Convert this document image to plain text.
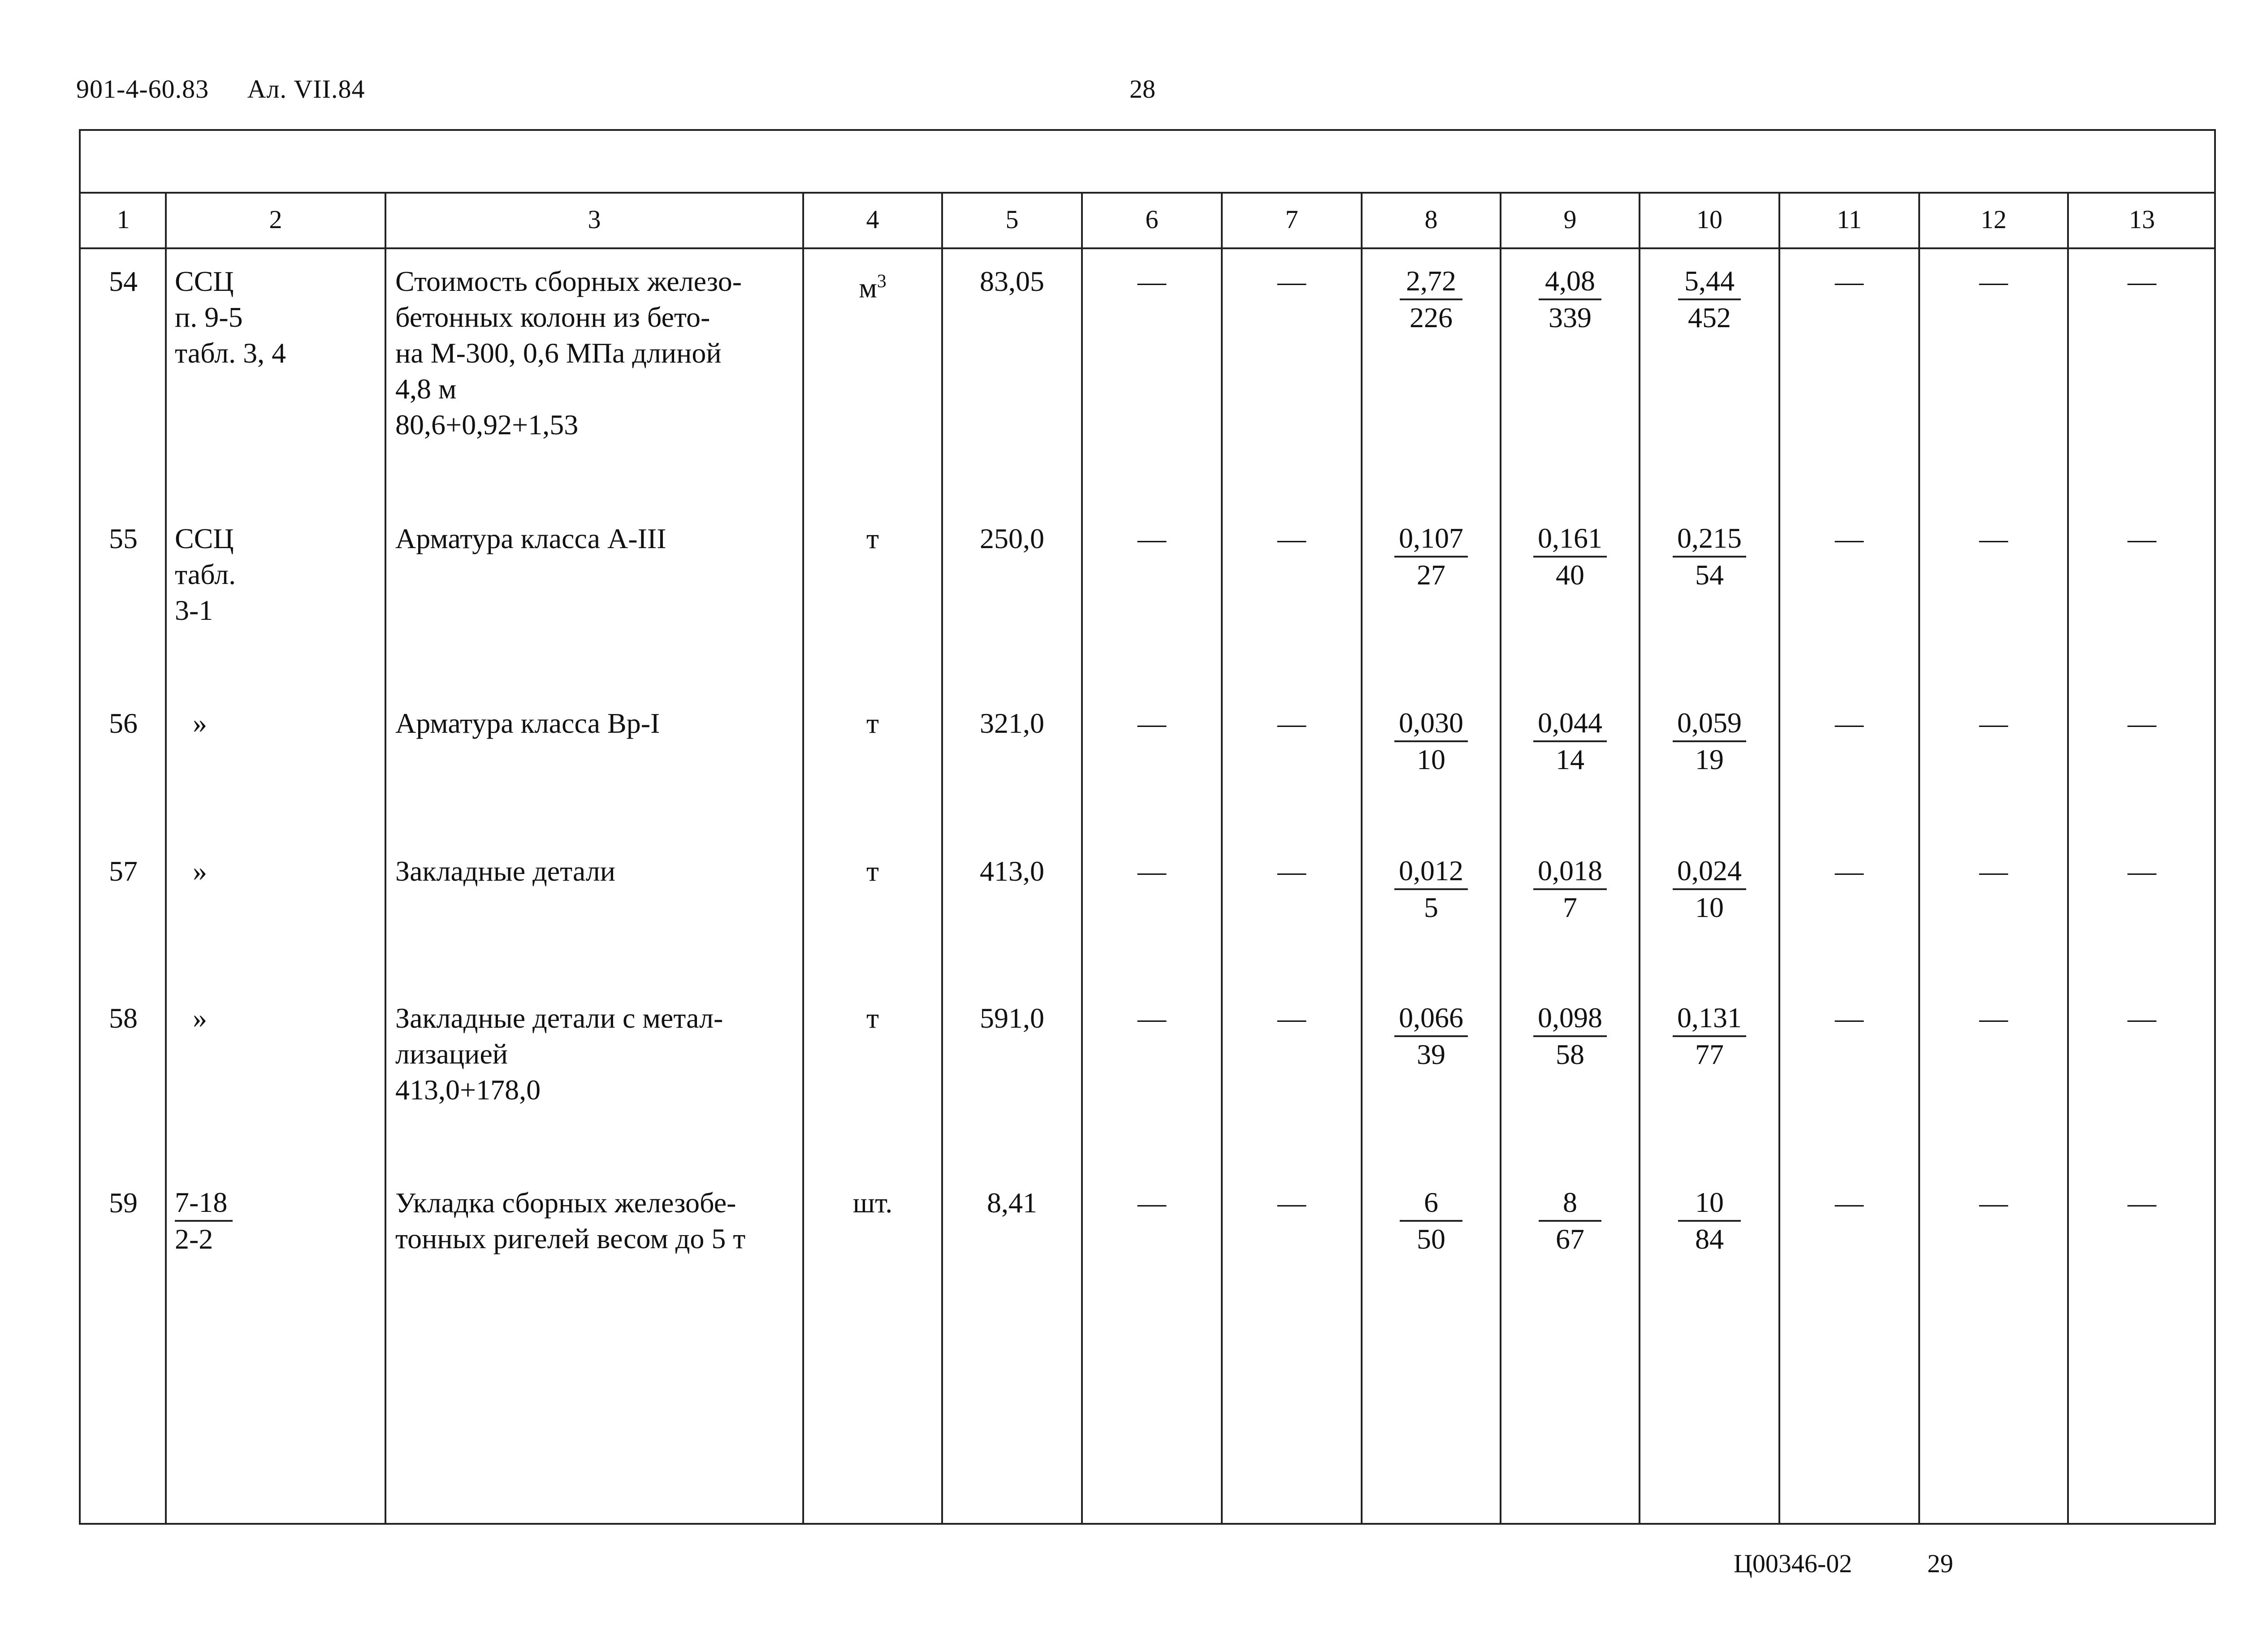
901-4-60.83 Ал. VII.84	28
1	2	3	4	5	6	7	8	9	10	11	12	13
54	ССЦ
п. 9-5
табл. 3, 4
Стоимость сборных железо-
бетонных колонн из бето-
на М-300, 0,6 МПа длиной
4,8 м
80,6+0,92+1,53
$м^3$	83,05	—	—	$\frac{2,72}{226} \frac{4,08}{339} \frac{5,44}{452}$	—	—	—
55	ССЦ
табл.
3-1
Арматура класса А-III	т	250,0	—	—	$\frac{0,107}{27} \frac{0,161}{40} \frac{0,215}{54}$	—	—	—
56	»	Арматура класса Вр-I	т	321,0	—	—	$\frac{0,030}{10} \frac{0,044}{14} \frac{0,059}{19}$	—	—	—
57	»	Закладные детали	т	413,0	—	—	$\frac{0,012}{5} \frac{0,018}{7} \frac{0,024}{10}$	—	—	—
58	»	Закладные детали с метал-
лизацией
413,0+178,0
т	591,0	—	—	$\frac{0,066}{39} \frac{0,098}{58} \frac{0,131}{77}$	—	—	—
59	$\frac{7-18}{2-2}$	Укладка сборных железобе-
тонных ригелей весом до 5 т
шт.	8,41	—	—	$\frac{6}{50} \frac{8}{67} \frac{10}{84}$	—	—	—
Ц00346-02	29
